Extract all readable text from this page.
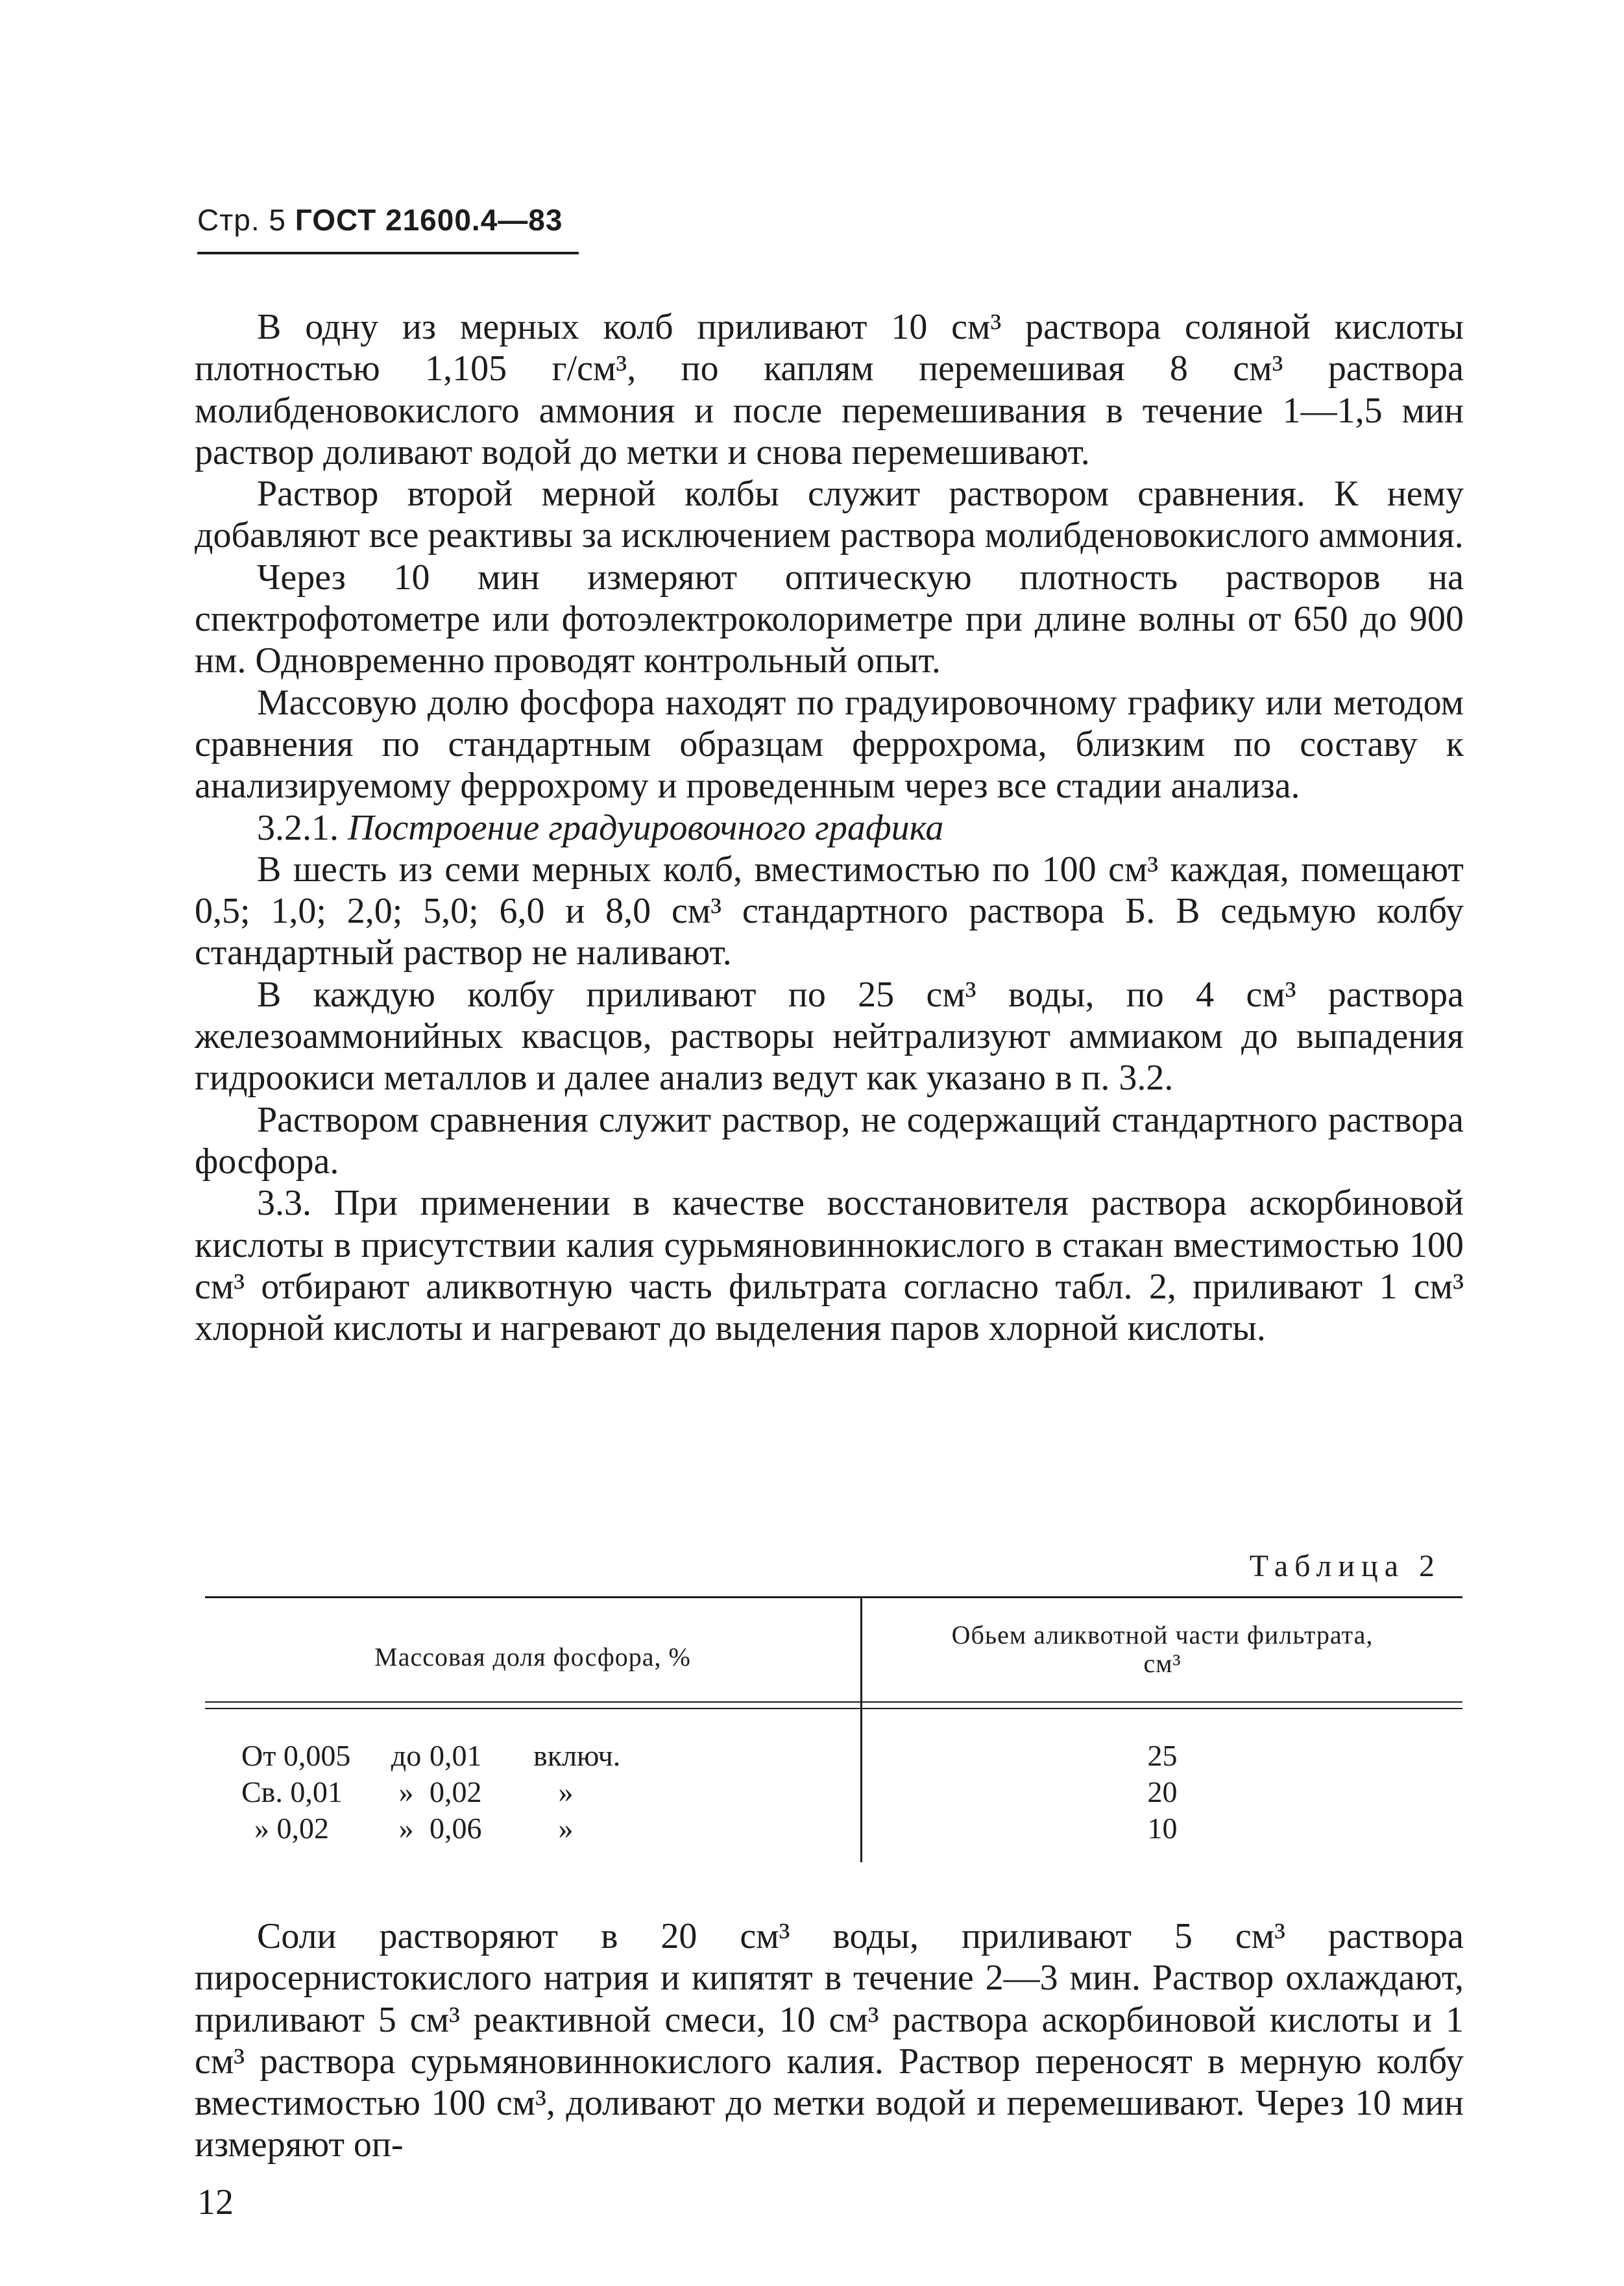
Стр. 5 ГОСТ 21600.4—83

В одну из мерных колб приливают 10 см³ раствора соляной кислоты плотностью 1,105 г/см³, по каплям перемешивая 8 см³ раствора молибденовокислого аммония и после перемешивания в течение 1—1,5 мин раствор доливают водой до метки и снова перемешивают.

Раствор второй мерной колбы служит раствором сравнения. К нему добавляют все реактивы за исключением раствора молибденовокислого аммония.

Через 10 мин измеряют оптическую плотность растворов на спектрофотометре или фотоэлектроколориметре при длине волны от 650 до 900 нм. Одновременно проводят контрольный опыт.

Массовую долю фосфора находят по градуировочному графику или методом сравнения по стандартным образцам феррохрома, близким по составу к анализируемому феррохрому и проведенным через все стадии анализа.

3.2.1. Построение градуировочного графика

В шесть из семи мерных колб, вместимостью по 100 см³ каждая, помещают 0,5; 1,0; 2,0; 5,0; 6,0 и 8,0 см³ стандартного раствора Б. В седьмую колбу стандартный раствор не наливают.

В каждую колбу приливают по 25 см³ воды, по 4 см³ раствора железоаммонийных квасцов, растворы нейтрализуют аммиаком до выпадения гидроокиси металлов и далее анализ ведут как указано в п. 3.2.

Раствором сравнения служит раствор, не содержащий стандартного раствора фосфора.

3.3. При применении в качестве восстановителя раствора аскорбиновой кислоты в присутствии калия сурьмяновиннокислого в стакан вместимостью 100 см³ отбирают аликвотную часть фильтрата согласно табл. 2, приливают 1 см³ хлорной кислоты и нагревают до выделения паров хлорной кислоты.

Таблица 2
Массовая доля фосфора, %
Обьем аликвотной части фильтрата,
см³
От 0,005 до 0,01 включ.
Св. 0,01 » 0,02	»
» 0,02 » 0,06	»
25
20
10

Соли растворяют в 20 см³ воды, приливают 5 см³ раствора пиросернистокислого натрия и кипятят в течение 2—3 мин. Раствор охлаждают, приливают 5 см³ реактивной смеси, 10 см³ раствора аскорбиновой кислоты и 1 см³ раствора сурьмяновиннокислого калия. Раствор переносят в мерную колбу вместимостью 100 см³, доливают до метки водой и перемешивают. Через 10 мин измеряют оп-

12
